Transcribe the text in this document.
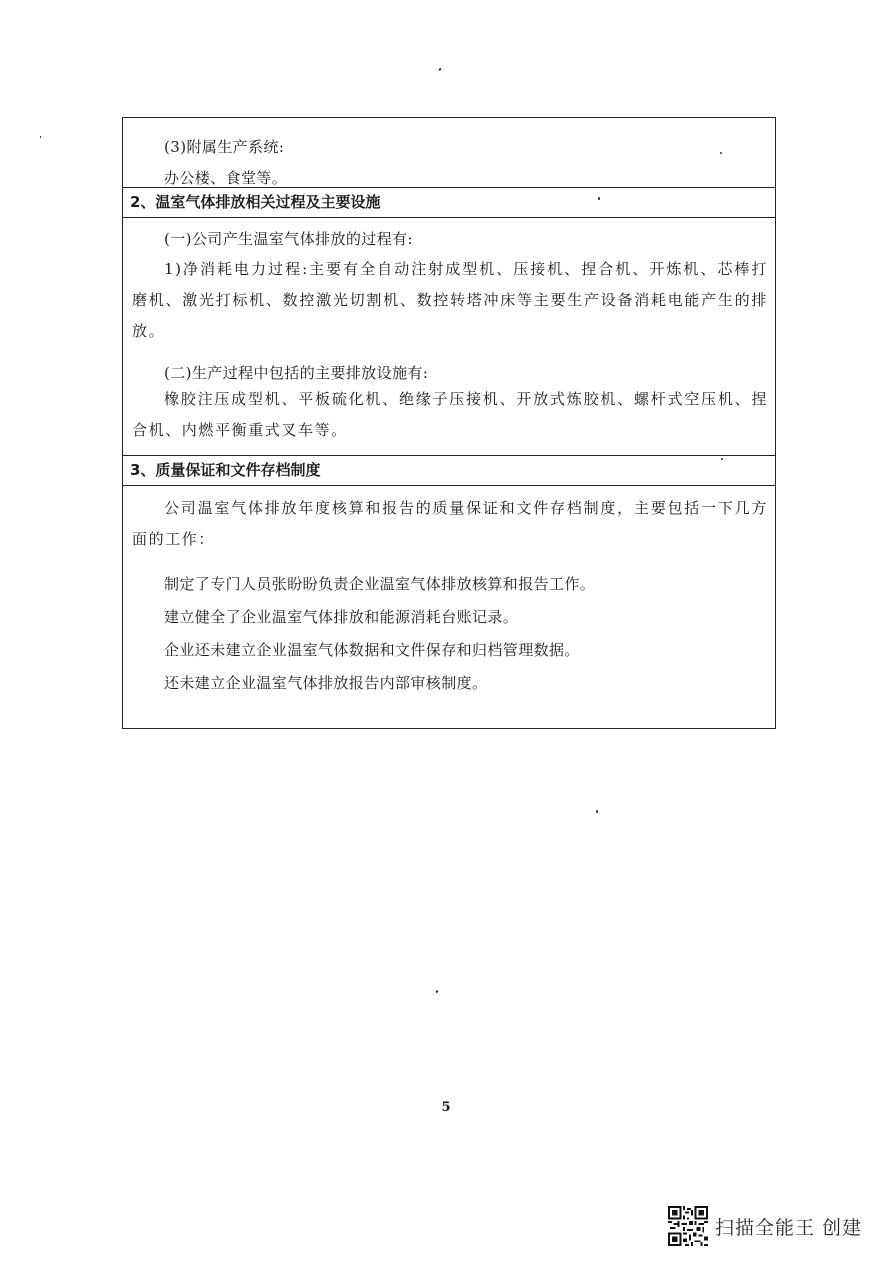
(3)附属生产系统:
办公楼、食堂等。
2、温室气体排放相关过程及主要设施
(一)公司产生温室气体排放的过程有:
1)净消耗电力过程:主要有全自动注射成型机、压接机、捏合机、开炼机、芯棒打磨机、激光打标机、数控激光切割机、数控转塔冲床等主要生产设备消耗电能产生的排放。
(二)生产过程中包括的主要排放设施有:
橡胶注压成型机、平板硫化机、绝缘子压接机、开放式炼胶机、螺杆式空压机、捏合机、内燃平衡重式叉车等。
3、质量保证和文件存档制度
公司温室气体排放年度核算和报告的质量保证和文件存档制度，主要包括一下几方面的工作：
制定了专门人员张盼盼负责企业温室气体排放核算和报告工作。
建立健全了企业温室气体排放和能源消耗台账记录。
企业还未建立企业温室气体数据和文件保存和归档管理数据。
还未建立企业温室气体排放报告内部审核制度。
5
扫描全能王 创建
